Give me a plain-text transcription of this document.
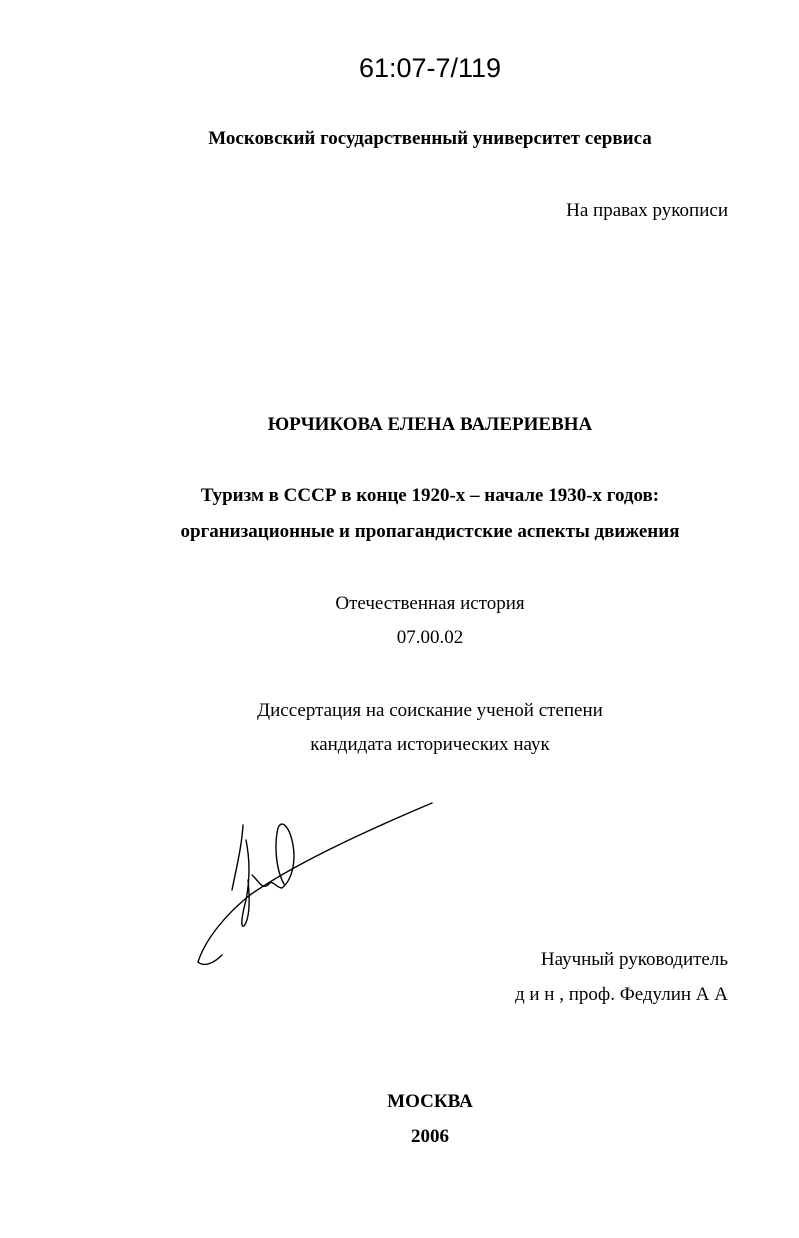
61:07-7/119
Московский государственный университет сервиса
На правах рукописи
ЮРЧИКОВА ЕЛЕНА ВАЛЕРИЕВНА
Туризм в СССР в конце 1920-х – начале 1930-х годов:
организационные и пропагандистские аспекты движения
Отечественная история
07.00.02
Диссертация на соискание ученой степени
кандидата исторических наук
Научный руководитель
д и н , проф. Федулин А А
МОСКВА
2006
